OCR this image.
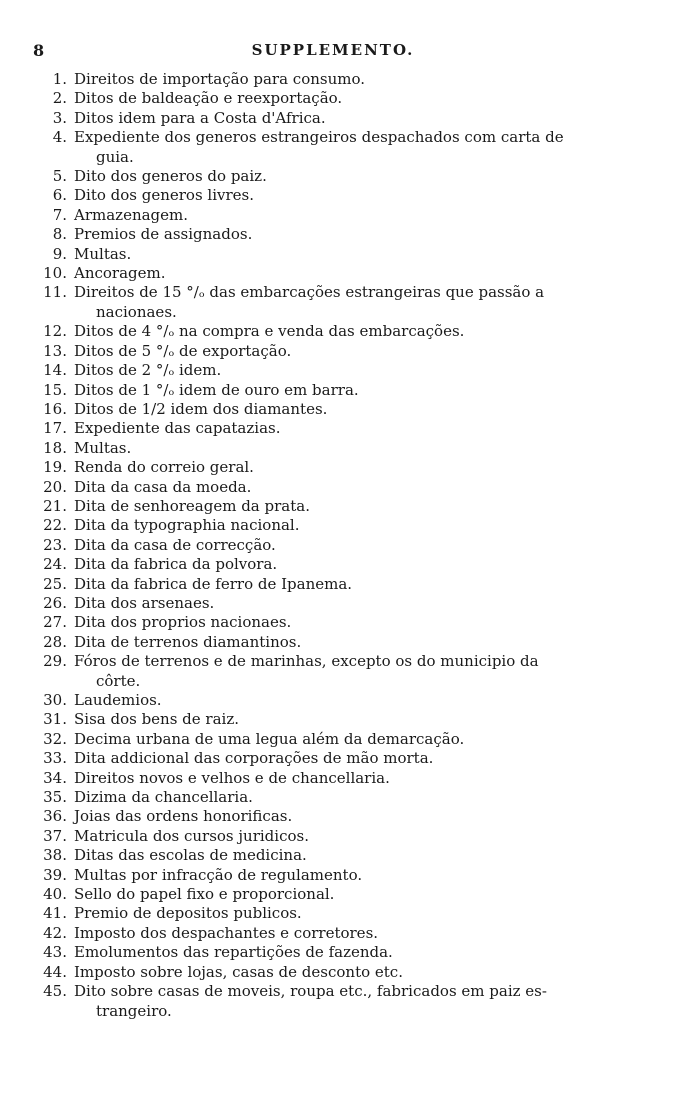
8	SUPPLEMENTO.
1. Direitos de importação para consumo.
2. Ditos de baldeação e reexportação.
3. Ditos idem para a Costa d'Africa.
4. Expediente dos generos estrangeiros despachados com carta de
guia.
5. Dito dos generos do paiz.
6. Dito dos generos livres.
7. Armazenagem.
8. Premios de assignados.
9. Multas.
10. Ancoragem.
11. Direitos de 15 °/ₒ das embarcações estrangeiras que passão a
nacionaes.
12. Ditos de 4 °/ₒ na compra e venda das embarcações.
13. Ditos de 5 °/ₒ de exportação.
14. Ditos de 2 °/ₒ idem.
15. Ditos de 1 °/ₒ idem de ouro em barra.
16. Ditos de 1/2 idem dos diamantes.
17. Expediente das capatazias.
18. Multas.
19. Renda do correio geral.
20. Dita da casa da moeda.
21. Dita de senhoreagem da prata.
22. Dita da typographia nacional.
23. Dita da casa de correcção.
24. Dita da fabrica da polvora.
25. Dita da fabrica de ferro de Ipanema.
26. Dita dos arsenaes.
27. Dita dos proprios nacionaes.
28. Dita de terrenos diamantinos.
29. Fóros de terrenos e de marinhas, excepto os do municipio da
côrte.
30. Laudemios.
31. Sisa dos bens de raiz.
32. Decima urbana de uma legua além da demarcação.
33. Dita addicional das corporações de mão morta.
34. Direitos novos e velhos e de chancellaria.
35. Dizima da chancellaria.
36. Joias das ordens honorificas.
37. Matricula dos cursos juridicos.
38. Ditas das escolas de medicina.
39. Multas por infracção de regulamento.
40. Sello do papel fixo e proporcional.
41. Premio de depositos publicos.
42. Imposto dos despachantes e corretores.
43. Emolumentos das repartições de fazenda.
44. Imposto sobre lojas, casas de desconto etc.
45. Dito sobre casas de moveis, roupa etc., fabricados em paiz es-
trangeiro.
